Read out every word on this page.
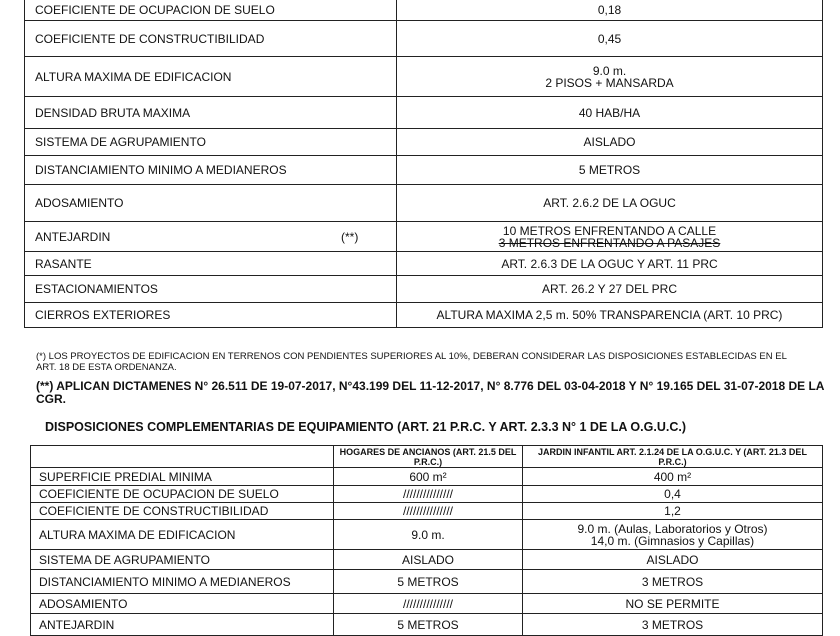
COEFICIENTE DE OCUPACION DE SUELO	0,18
COEFICIENTE DE CONSTRUCTIBILIDAD	0,45
ALTURA MAXIMA DE EDIFICACION	9.0 m.
2 PISOS + MANSARDA

DENSIDAD BRUTA MAXIMA	40 HAB/HA
SISTEMA DE AGRUPAMIENTO	AISLADO
DISTANCIAMIENTO MINIMO A MEDIANEROS	5 METROS
ADOSAMIENTO	ART. 2.6.2 DE LA OGUC
ANTEJARDIN (**)	10 METROS ENFRENTANDO A CALLE
3 METROS ENFRENTANDO A PASAJES

RASANTE	ART. 2.6.3 DE LA OGUC Y ART. 11 PRC
ESTACIONAMIENTOS	ART. 26.2 Y 27 DEL PRC
CIERROS EXTERIORES	ALTURA MAXIMA 2,5 m. 50% TRANSPARENCIA (ART. 10 PRC)
(*) LOS PROYECTOS DE EDIFICACION EN TERRENOS CON PENDIENTES SUPERIORES AL 10%, DEBERAN CONSIDERAR LAS DISPOSICIONES ESTABLECIDAS EN EL ART. 18 DE ESTA ORDENANZA.
(**) APLICAN DICTAMENES N° 26.511 DE 19-07-2017, N°43.199 DEL 11-12-2017, N° 8.776 DEL 03-04-2018 Y N° 19.165 DEL 31-07-2018 DE LA CGR.
DISPOSICIONES COMPLEMENTARIAS DE EQUIPAMIENTO (ART. 21 P.R.C. Y ART. 2.3.3 N° 1 DE LA O.G.U.C.)
	HOGARES DE ANCIANOS (ART. 21.5 DEL P.R.C.)	JARDIN INFANTIL ART. 2.1.24 DE LA O.G.U.C. Y (ART. 21.3 DEL P.R.C.)
SUPERFICIE PREDIAL MINIMA	600 m²	400 m²
COEFICIENTE DE OCUPACION DE SUELO	///////////////	0,4
COEFICIENTE DE CONSTRUCTIBILIDAD	///////////////	1,2
ALTURA MAXIMA DE EDIFICACION	9.0 m.	9.0 m. (Aulas, Laboratorios y Otros)
14,0 m. (Gimnasios y Capillas)

SISTEMA DE AGRUPAMIENTO	AISLADO	AISLADO
DISTANCIAMIENTO MINIMO A MEDIANEROS	5 METROS	3 METROS
ADOSAMIENTO	///////////////	NO SE PERMITE
ANTEJARDIN	5 METROS	3 METROS
